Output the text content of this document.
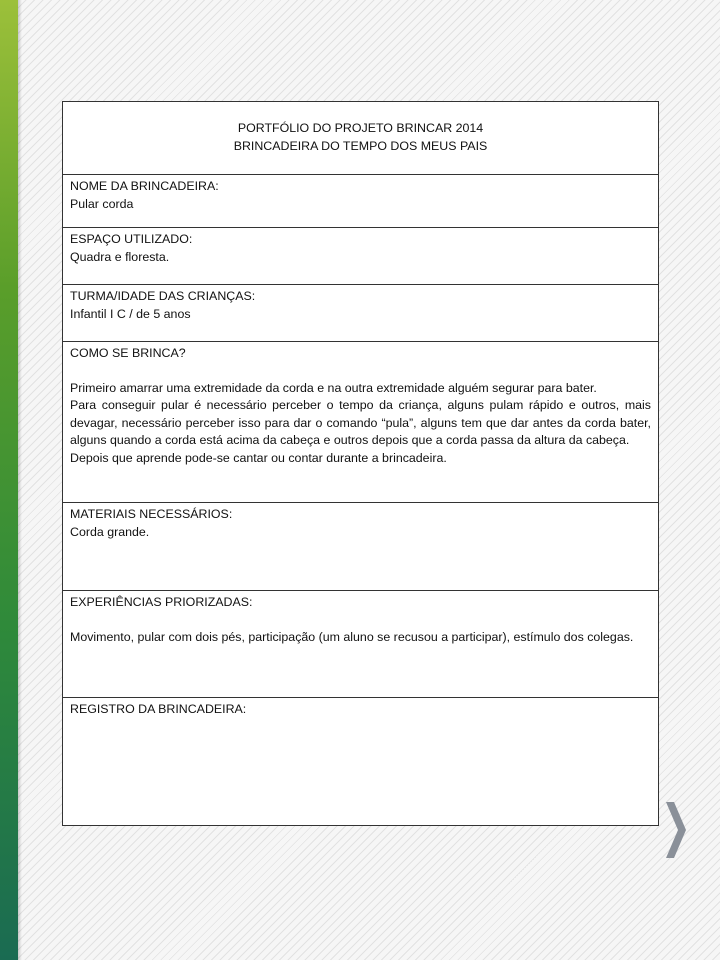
PORTFÓLIO DO PROJETO BRINCAR 2014
BRINCADEIRA DO TEMPO DOS MEUS PAIS

NOME DA BRINCADEIRA:
Pular corda

ESPAÇO UTILIZADO:
Quadra e floresta.

TURMA/IDADE DAS CRIANÇAS:
Infantil I C / de 5 anos

COMO SE BRINCA?
Primeiro amarrar uma extremidade da corda e na outra extremidade alguém segurar para bater.
Para conseguir pular é necessário perceber o tempo da criança, alguns pulam rápido e outros, mais devagar, necessário perceber isso para dar o comando “pula”, alguns tem que dar antes da corda bater, alguns quando a corda está acima da cabeça e outros depois que a corda passa da altura da cabeça.
Depois que aprende pode-se cantar ou contar durante a brincadeira.

MATERIAIS NECESSÁRIOS:
Corda grande.

EXPERIÊNCIAS PRIORIZADAS:
Movimento, pular com dois pés, participação (um aluno se recusou a participar), estímulo dos colegas.

REGISTRO DA BRINCADEIRA:
